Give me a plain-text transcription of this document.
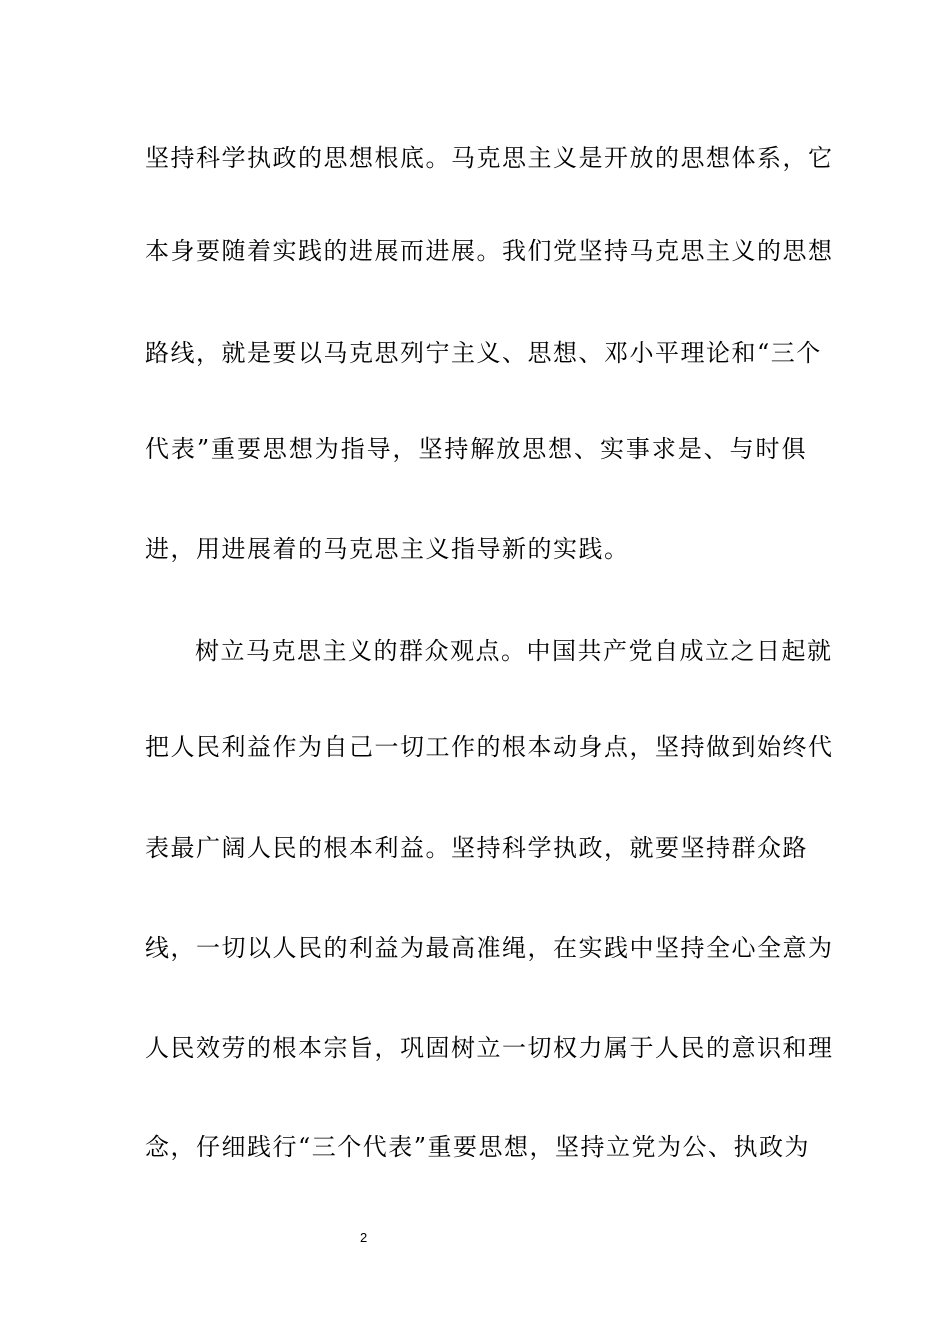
坚持科学执政的思想根底。马克思主义是开放的思想体系，它
本身要随着实践的进展而进展。我们党坚持马克思主义的思想
路线，就是要以马克思列宁主义、思想、邓小平理论和“三个
代表”重要思想为指导，坚持解放思想、实事求是、与时俱
进，用进展着的马克思主义指导新的实践。
树立马克思主义的群众观点。中国共产党自成立之日起就
把人民利益作为自己一切工作的根本动身点，坚持做到始终代
表最广阔人民的根本利益。坚持科学执政，就要坚持群众路
线，一切以人民的利益为最高准绳，在实践中坚持全心全意为
人民效劳的根本宗旨，巩固树立一切权力属于人民的意识和理
念，仔细践行“三个代表”重要思想，坚持立党为公、执政为
2
